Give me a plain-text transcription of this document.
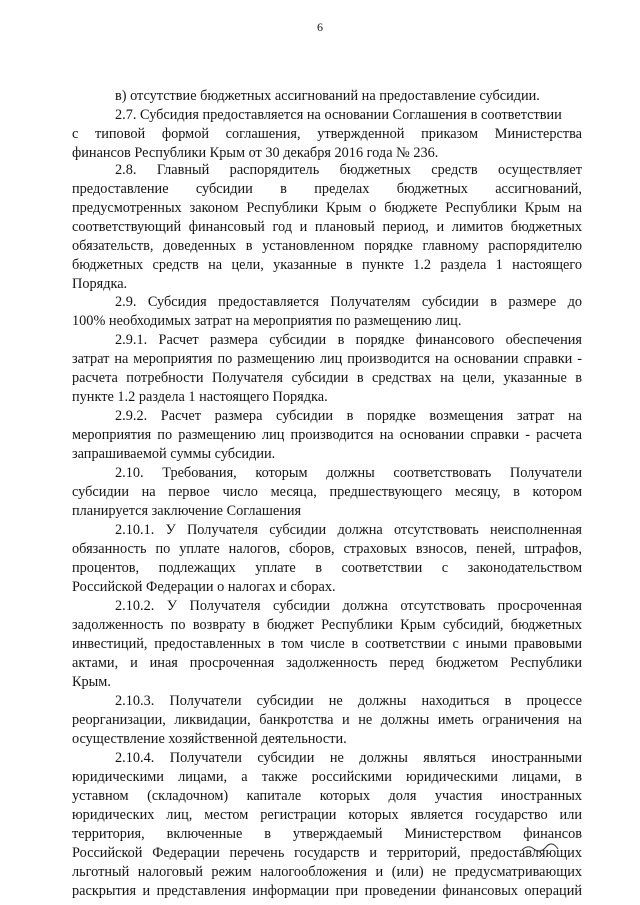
6
в) отсутствие бюджетных ассигнований на предоставление субсидии.
2.7. Субсидия предоставляется на основании Соглашения в соответствии
с типовой формой соглашения, утвержденной приказом Министерства
финансов Республики Крым от 30 декабря 2016 года № 236.
2.8. Главный распорядитель бюджетных средств осуществляет
предоставление субсидии в пределах бюджетных ассигнований,
предусмотренных законом Республики Крым о бюджете Республики Крым на
соответствующий финансовый год и плановый период, и лимитов бюджетных
обязательств, доведенных в установленном порядке главному распорядителю
бюджетных средств на цели, указанные в пункте 1.2 раздела 1 настоящего
Порядка.
2.9. Субсидия предоставляется Получателям субсидии в размере до
100% необходимых затрат на мероприятия по размещению лиц.
2.9.1. Расчет размера субсидии в порядке финансового обеспечения
затрат на мероприятия по размещению лиц производится на основании справки -
расчета потребности Получателя субсидии в средствах на цели, указанные в
пункте 1.2 раздела 1 настоящего Порядка.
2.9.2. Расчет размера субсидии в порядке возмещения затрат на
мероприятия по размещению лиц производится на основании справки - расчета
запрашиваемой суммы субсидии.
2.10. Требования, которым должны соответствовать Получатели
субсидии на первое число месяца, предшествующего месяцу, в котором
планируется заключение Соглашения
2.10.1. У Получателя субсидии должна отсутствовать неисполненная
обязанность по уплате налогов, сборов, страховых взносов, пеней, штрафов,
процентов, подлежащих уплате в соответствии с законодательством
Российской Федерации о налогах и сборах.
2.10.2. У Получателя субсидии должна отсутствовать просроченная
задолженность по возврату в бюджет Республики Крым субсидий, бюджетных
инвестиций, предоставленных в том числе в соответствии с иными правовыми
актами, и иная просроченная задолженность перед бюджетом Республики
Крым.
2.10.3. Получатели субсидии не должны находиться в процессе
реорганизации, ликвидации, банкротства и не должны иметь ограничения на
осуществление хозяйственной деятельности.
2.10.4. Получатели субсидии не должны являться иностранными
юридическими лицами, а также российскими юридическими лицами, в
уставном (складочном) капитале которых доля участия иностранных
юридических лиц, местом регистрации которых является государство или
территория, включенные в утверждаемый Министерством финансов
Российской Федерации перечень государств и территорий, предоставляющих
льготный налоговый режим налогообложения и (или) не предусматривающих
раскрытия и представления информации при проведении финансовых операций
